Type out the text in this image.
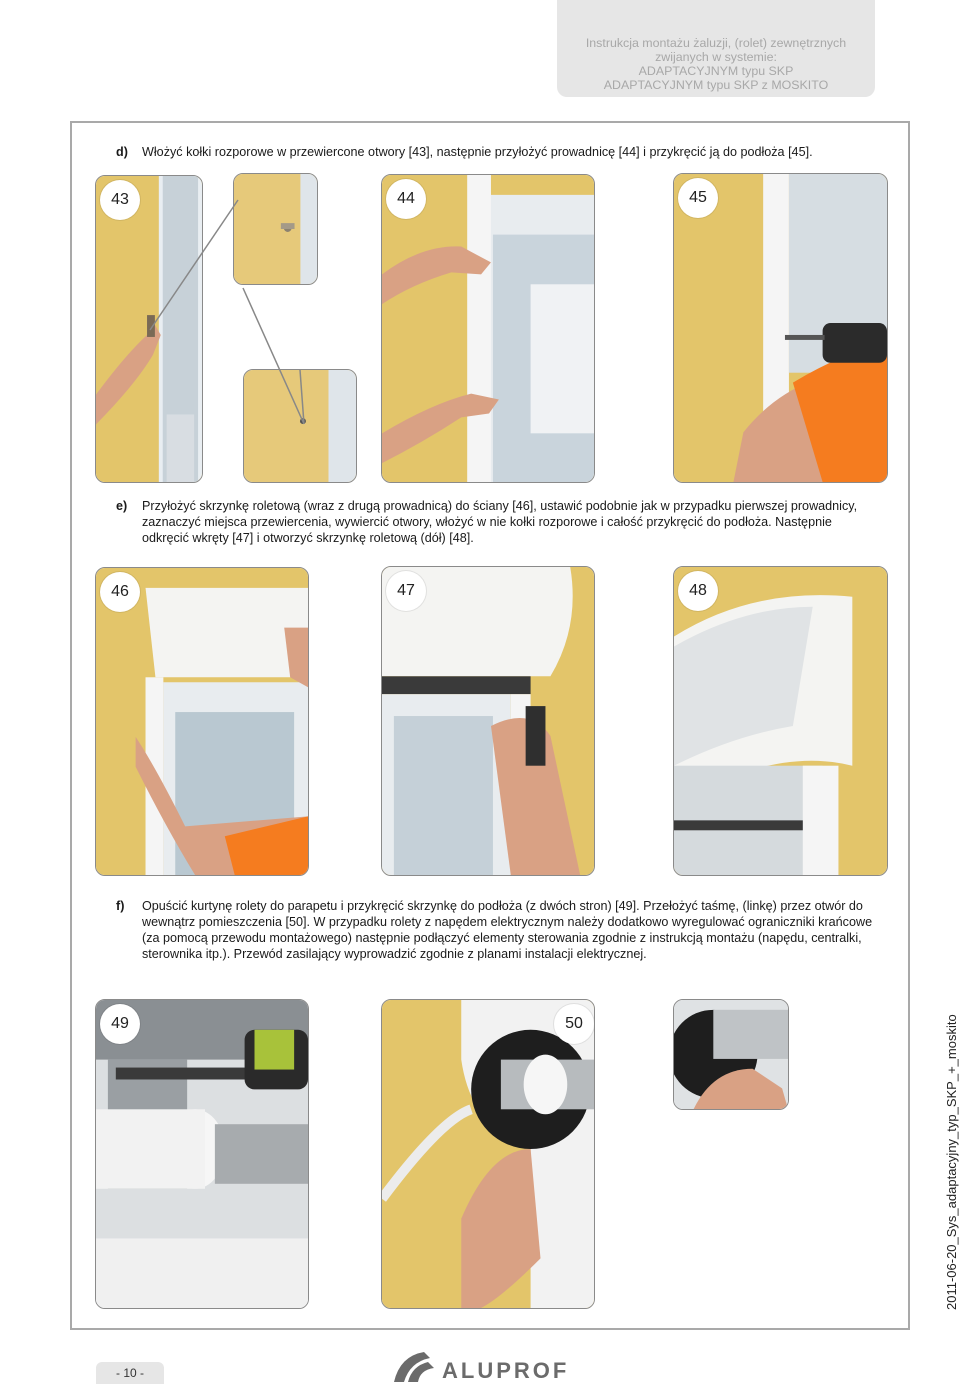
Instrukcja montażu żaluzji, (rolet) zewnętrznych
zwijanych w systemie:
ADAPTACYJNYM typu SKP
ADAPTACYJNYM typu SKP z MOSKITO
d)	Włożyć kołki rozporowe w przewiercone otwory [43], następnie przyłożyć prowadnicę [44] i przykręcić ją do podłoża [45].
43	44	45
e)	Przyłożyć skrzynkę roletową (wraz z drugą prowadnicą) do ściany [46], ustawić podobnie jak w przypadku pierwszej prowadnicy, zaznaczyć miejsca przewiercenia, wywiercić otwory, włożyć w nie kołki rozporowe i całość przykręcić do podłoża. Następnie odkręcić wkręty [47] i otworzyć skrzynkę roletową (dół) [48].
46	47	48
f)	Opuścić kurtynę rolety do parapetu i przykręcić skrzynkę do podłoża (z dwóch stron) [49]. Przełożyć taśmę, (linkę) przez otwór do wewnątrz pomieszczenia [50]. W przypadku rolety z napędem elektrycznym należy dodatkowo wyregulować ograniczniki krańcowe (za pomocą przewodu montażowego) następnie podłączyć elementy sterowania zgodnie z instrukcją montażu (napędu, centralki, sterownika itp.). Przewód zasilający wyprowadzić zgodnie z planami instalacji elektrycznej.
49	50	2011-06-20_Sys_adaptacyjny_typ_SKP_+_moskito
- 10 -	ALUPROF
